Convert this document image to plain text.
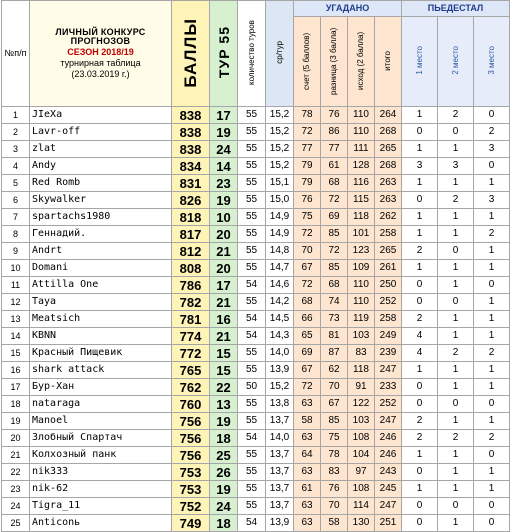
№п/п	ЛИЧНЫЙ КОНКУРС
ПРОГНОЗОВ
СЕЗОН 2018/19
турнирная таблица
(23.03.2019 г.)	БАЛЛЫ	ТУР 55	количество туров	ср/тур	УГАДАНО				ПЬЕДЕСТАЛ		
						счет (5 баллов)	разница (3 балла)	исход (2 балла)	итого	1 место	2 место	3 место
1	JIeXa	838	17	55	15,2	78	76	110	264	1	2	0
2	Lavr-off	838	19	55	15,2	72	86	110	268	0	0	2
3	zlat	838	24	55	15,2	77	77	111	265	1	1	3
4	Andy	834	14	55	15,2	79	61	128	268	3	3	0
5	Red Romb	831	23	55	15,1	79	68	116	263	1	1	1
6	Skywalker	826	19	55	15,0	76	72	115	263	0	2	3
7	spartachs1980	818	10	55	14,9	75	69	118	262	1	1	1
8	Геннадий.	817	20	55	14,9	72	85	101	258	1	1	2
9	Andrt	812	21	55	14,8	70	72	123	265	2	0	1
10	Domani	808	20	55	14,7	67	85	109	261	1	1	1
11	Attilla One	786	17	54	14,6	72	68	110	250	0	1	0
12	Taya	782	21	55	14,2	68	74	110	252	0	0	1
13	Meatsich	781	16	54	14,5	66	73	119	258	2	1	1
14	KBNN	774	21	54	14,3	65	81	103	249	4	1	1
15	Красный Пищевик	772	15	55	14,0	69	87	83	239	4	2	2
16	shark attack	765	15	55	13,9	67	62	118	247	1	1	1
17	Бур-Хан	762	22	50	15,2	72	70	91	233	0	1	1
18	nataraga	760	13	55	13,8	63	67	122	252	0	0	0
19	Manoel	756	19	55	13,7	58	85	103	247	2	1	1
20	Злобный Спартач	756	18	54	14,0	63	75	108	246	2	2	2
21	Колхозный панк	756	25	55	13,7	64	78	104	246	1	1	0
22	nik333	753	26	55	13,7	63	83	97	243	0	1	1
23	nik-62	753	19	55	13,7	61	76	108	245	1	1	1
24	Tigra_11	752	24	55	13,7	63	70	114	247	0	0	0
25	Anticonь	749	18	54	13,9	63	58	130	251	0	1	0
